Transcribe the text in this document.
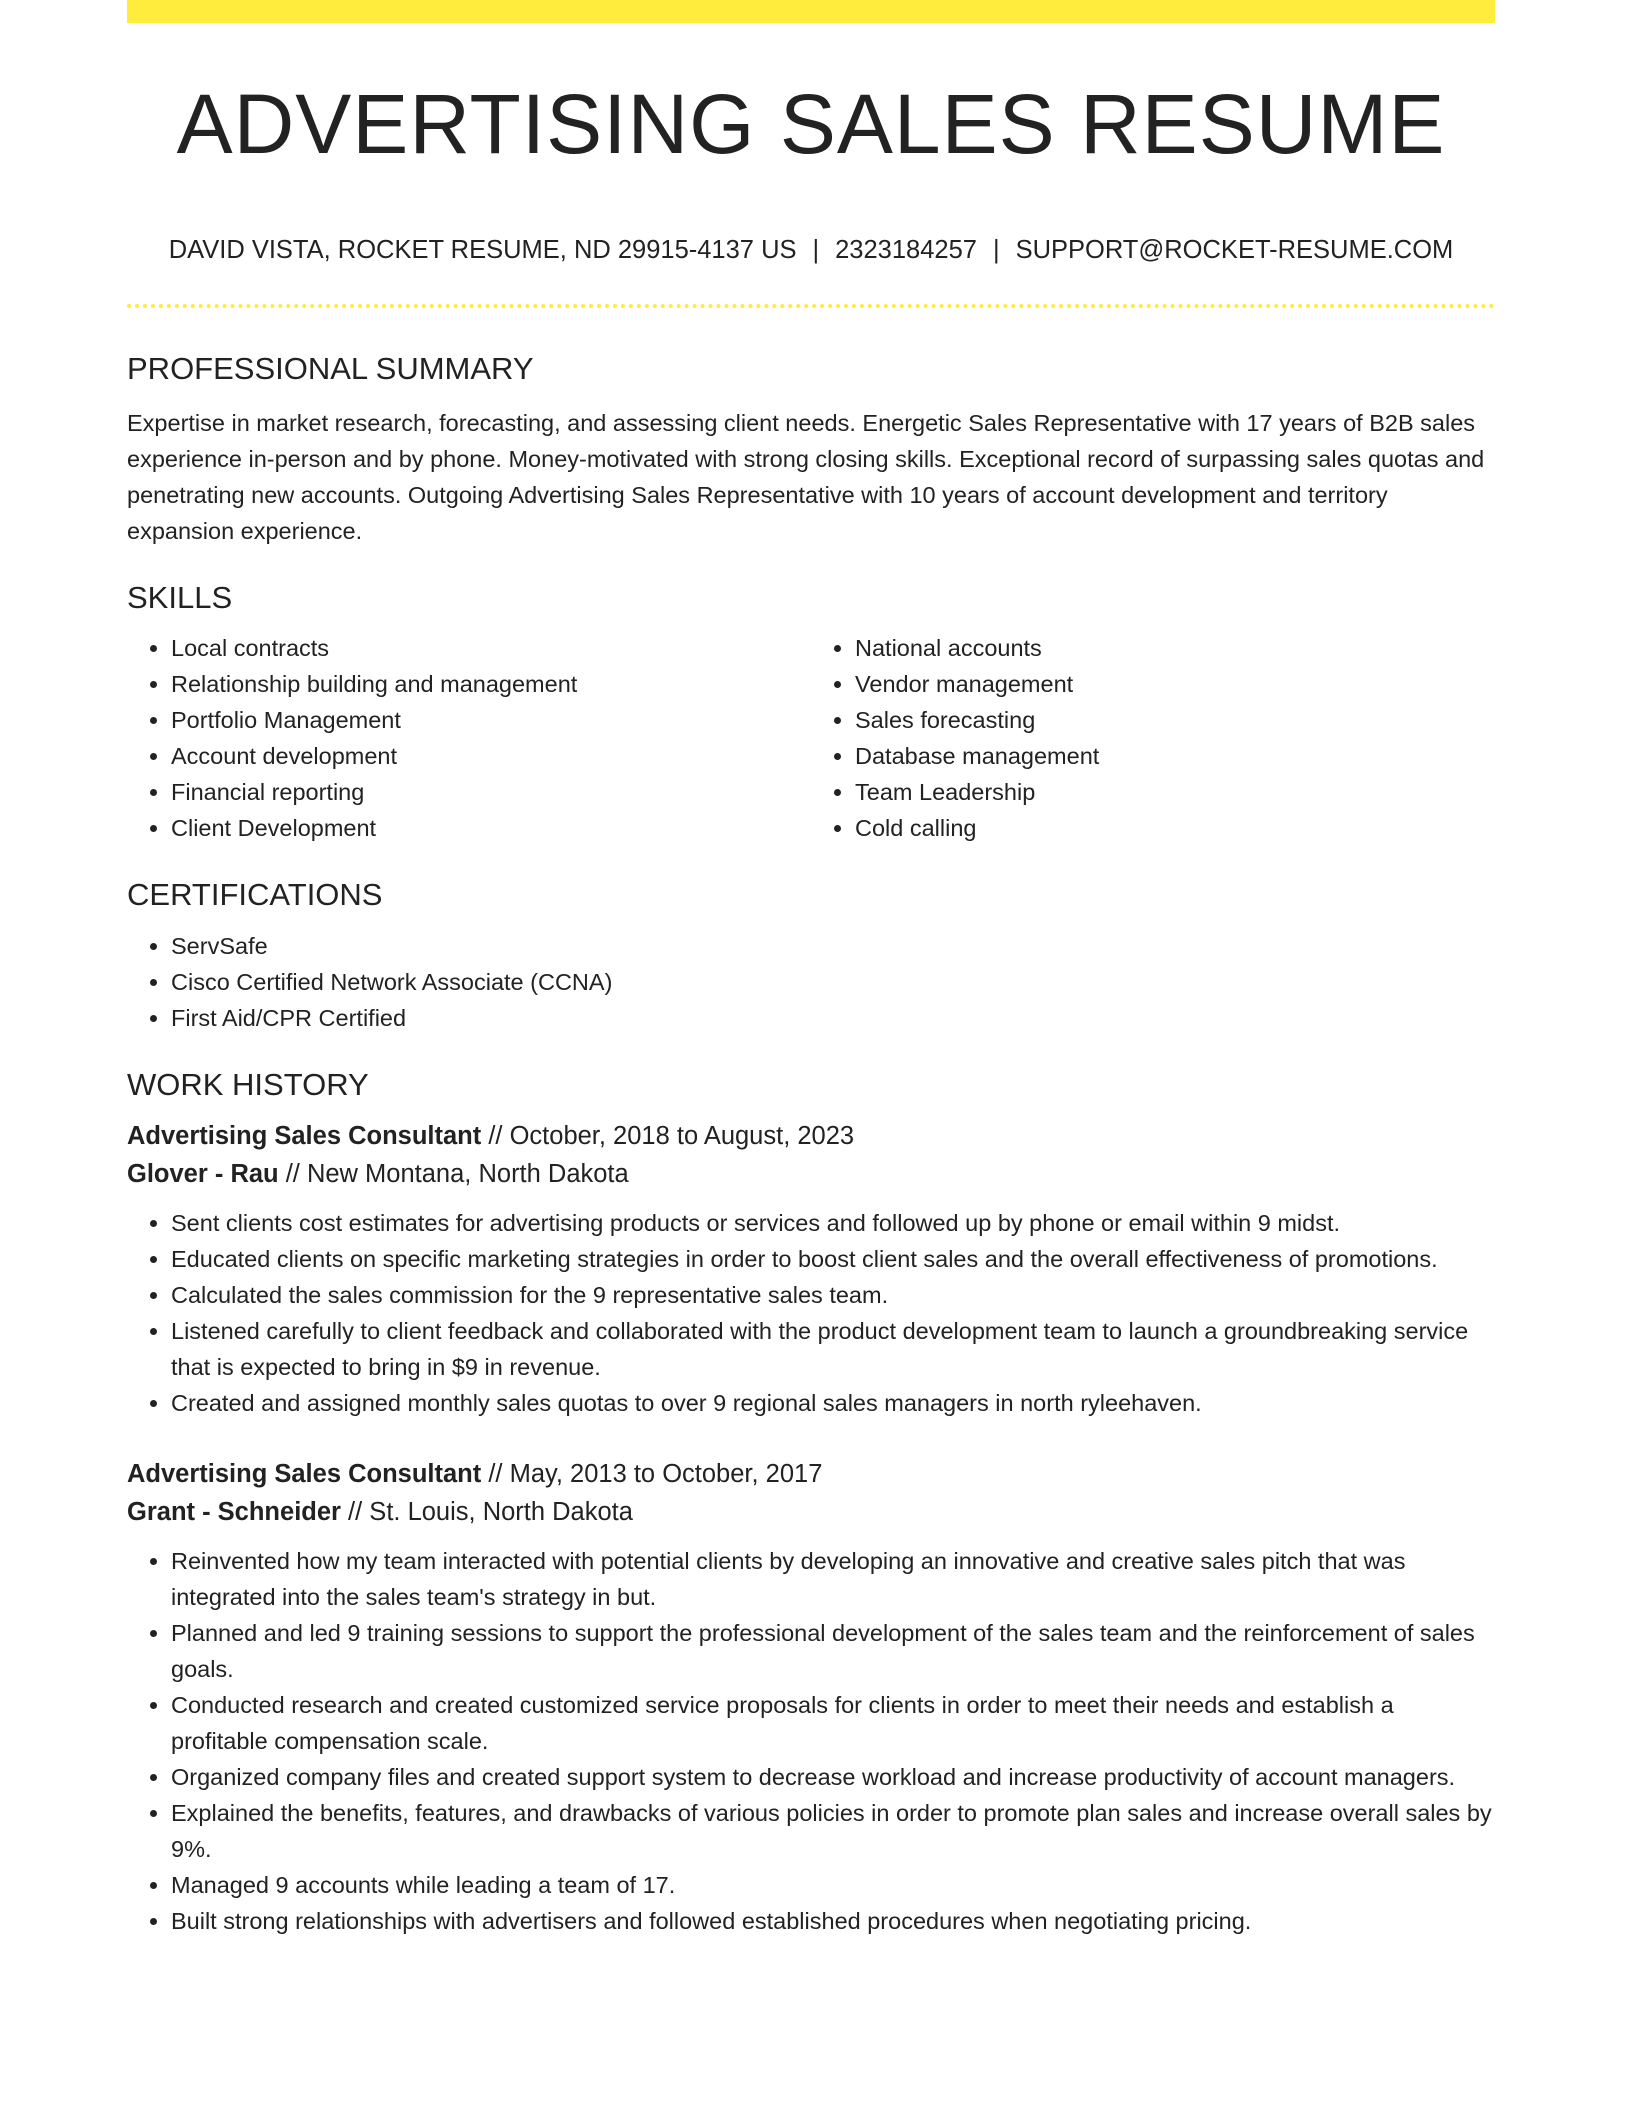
ADVERTISING SALES RESUME
DAVID VISTA, ROCKET RESUME, ND 29915-4137 US | 2323184257 | SUPPORT@ROCKET-RESUME.COM
PROFESSIONAL SUMMARY

Expertise in market research, forecasting, and assessing client needs. Energetic Sales Representative with 17 years of B2B sales experience in-person and by phone. Money-motivated with strong closing skills. Exceptional record of surpassing sales quotas and penetrating new accounts. Outgoing Advertising Sales Representative with 10 years of account development and territory expansion experience.

SKILLS
• Local contracts
• Relationship building and management
• Portfolio Management
• Account development
• Financial reporting
• Client Development
• National accounts
• Vendor management
• Sales forecasting
• Database management
• Team Leadership
• Cold calling
CERTIFICATIONS
• ServSafe
• Cisco Certified Network Associate (CCNA)
• First Aid/CPR Certified
WORK HISTORY
Advertising Sales Consultant // October, 2018 to August, 2023
Glover - Rau // New Montana, North Dakota
• Sent clients cost estimates for advertising products or services and followed up by phone or email within 9 midst.
• Educated clients on specific marketing strategies in order to boost client sales and the overall effectiveness of promotions.
• Calculated the sales commission for the 9 representative sales team.
• Listened carefully to client feedback and collaborated with the product development team to launch a groundbreaking service that is expected to bring in $9 in revenue.
• Created and assigned monthly sales quotas to over 9 regional sales managers in north ryleehaven.
Advertising Sales Consultant // May, 2013 to October, 2017
Grant - Schneider // St. Louis, North Dakota
• Reinvented how my team interacted with potential clients by developing an innovative and creative sales pitch that was integrated into the sales team's strategy in but.
• Planned and led 9 training sessions to support the professional development of the sales team and the reinforcement of sales goals.
• Conducted research and created customized service proposals for clients in order to meet their needs and establish a profitable compensation scale.
• Organized company files and created support system to decrease workload and increase productivity of account managers.
• Explained the benefits, features, and drawbacks of various policies in order to promote plan sales and increase overall sales by 9%.
• Managed 9 accounts while leading a team of 17.
• Built strong relationships with advertisers and followed established procedures when negotiating pricing.
